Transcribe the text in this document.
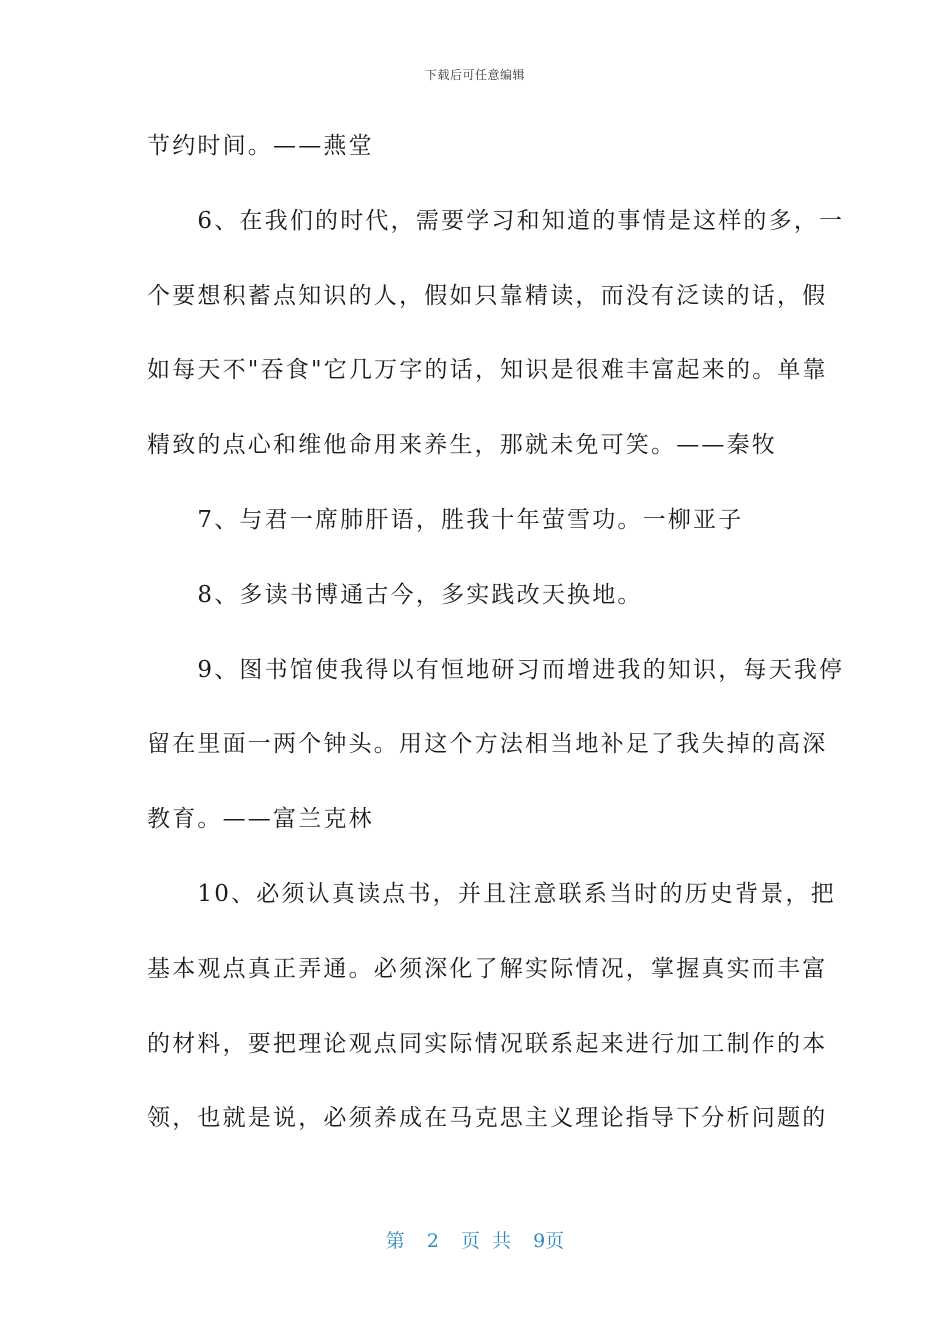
下载后可任意编辑
节约时间。——燕堂
　　6、在我们的时代，需要学习和知道的事情是这样的多，一
个要想积蓄点知识的人，假如只靠精读，而没有泛读的话，假
如每天不"吞食"它几万字的话，知识是很难丰富起来的。单靠
精致的点心和维他命用来养生，那就未免可笑。——秦牧
　　7、与君一席肺肝语，胜我十年萤雪功。一柳亚子
　　8、多读书博通古今，多实践改天换地。
　　9、图书馆使我得以有恒地研习而增进我的知识，每天我停
留在里面一两个钟头。用这个方法相当地补足了我失掉的高深
教育。——富兰克林
　　10、必须认真读点书，并且注意联系当时的历史背景，把
基本观点真正弄通。必须深化了解实际情况，掌握真实而丰富
的材料，要把理论观点同实际情况联系起来进行加工制作的本
领，也就是说，必须养成在马克思主义理论指导下分析问题的
第 2 页 共 9页
